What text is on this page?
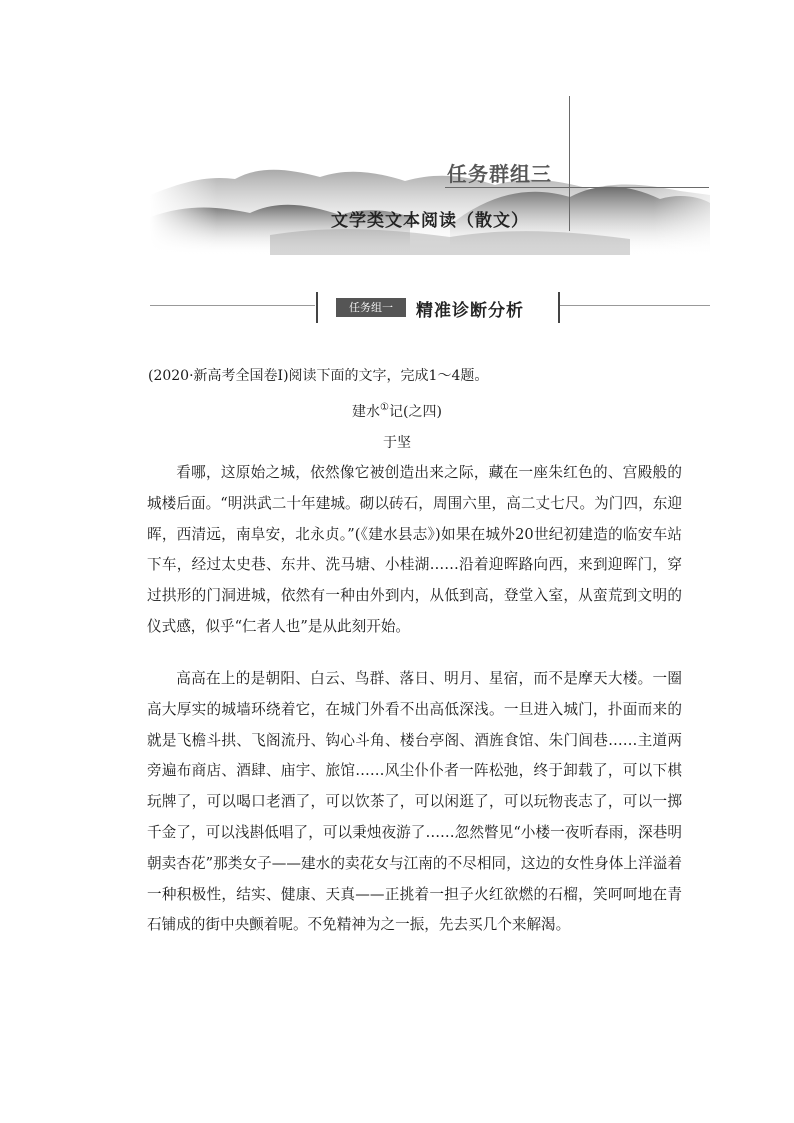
任务群组三
文学类文本阅读（散文）
任务组一	精准诊断分析
(2020·新高考全国卷Ⅰ)阅读下面的文字，完成1～4题。
建水①记(之四)
于坚

看哪，这原始之城，依然像它被创造出来之际，藏在一座朱红色的、宫殿般的城楼后面。“明洪武二十年建城。砌以砖石，周围六里，高二丈七尺。为门四，东迎晖，西清远，南阜安，北永贞。”(《建水县志》)如果在城外20世纪初建造的临安车站下车，经过太史巷、东井、洗马塘、小桂湖……沿着迎晖路向西，来到迎晖门，穿过拱形的门洞进城，依然有一种由外到内，从低到高，登堂入室，从蛮荒到文明的仪式感，似乎“仁者人也”是从此刻开始。

高高在上的是朝阳、白云、鸟群、落日、明月、星宿，而不是摩天大楼。一圈高大厚实的城墙环绕着它，在城门外看不出高低深浅。一旦进入城门，扑面而来的就是飞檐斗拱、飞阁流丹、钩心斗角、楼台亭阁、酒旌食馆、朱门闾巷……主道两旁遍布商店、酒肆、庙宇、旅馆……风尘仆仆者一阵松弛，终于卸载了，可以下棋玩牌了，可以喝口老酒了，可以饮茶了，可以闲逛了，可以玩物丧志了，可以一掷千金了，可以浅斟低唱了，可以秉烛夜游了……忽然瞥见“小楼一夜听春雨，深巷明朝卖杏花”那类女子——建水的卖花女与江南的不尽相同，这边的女性身体上洋溢着一种积极性，结实、健康、天真——正挑着一担子火红欲燃的石榴，笑呵呵地在青石铺成的街中央颤着呢。不免精神为之一振，先去买几个来解渴。
